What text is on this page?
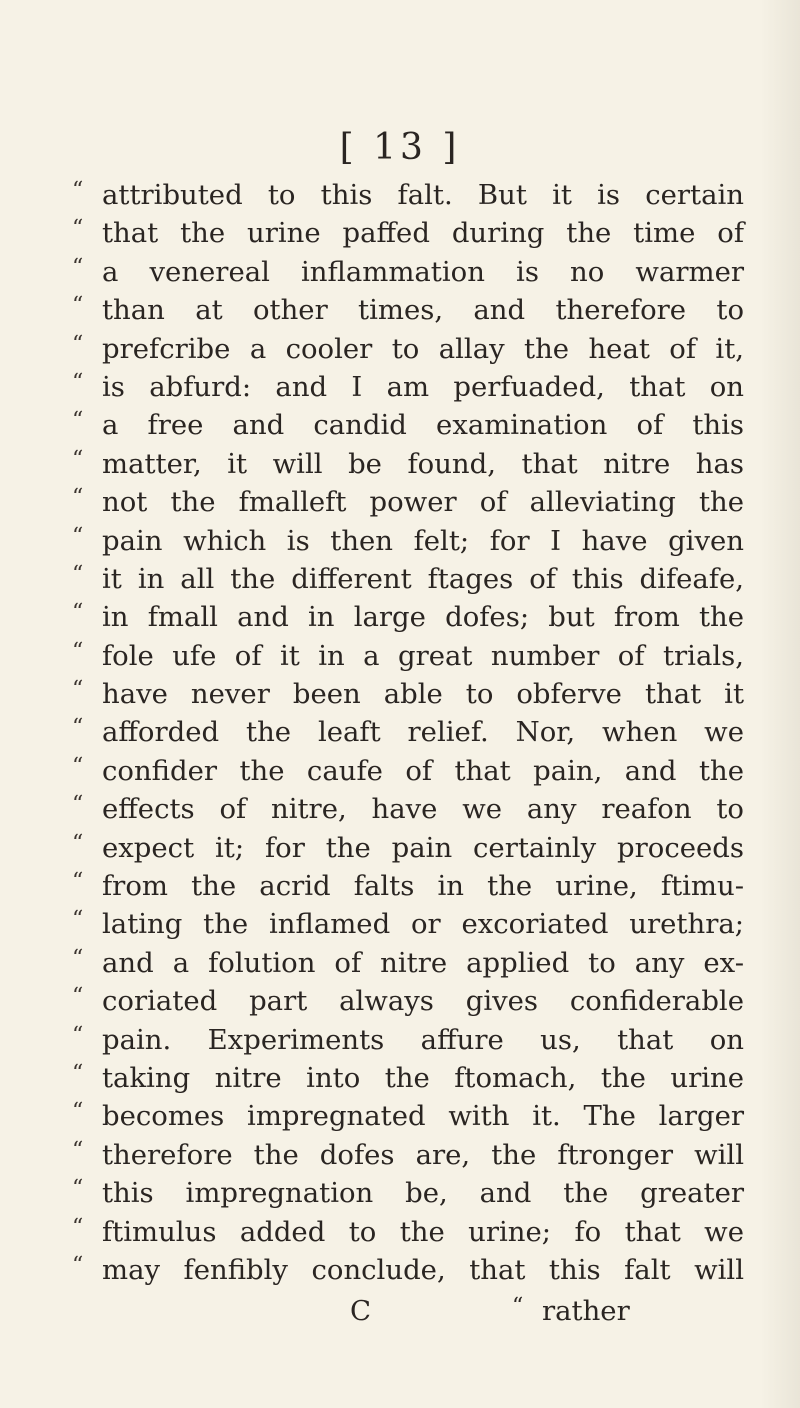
[ 13 ]
“ attributed to this falt. But it is certain
“ that the urine paffed during the time of
“ a venereal inflammation is no warmer
“ than at other times, and therefore to
“ prefcribe a cooler to allay the heat of it,
“ is abfurd: and I am perfuaded, that on
“ a free and candid examination of this
“ matter, it will be found, that nitre has
“ not the fmalleft power of alleviating the
“ pain which is then felt; for I have given
“ it in all the different ftages of this difeafe,
“ in fmall and in large dofes; but from the
“ fole ufe of it in a great number of trials,
“ have never been able to obferve that it
“ afforded the leaft relief. Nor, when we
“ confider the caufe of that pain, and the
“ effects of nitre, have we any reafon to
“ expect it; for the pain certainly proceeds
“ from the acrid falts in the urine, ftimu-
“ lating the inflamed or excoriated urethra;
“ and a folution of nitre applied to any ex-
“ coriated part always gives confiderable
“ pain. Experiments affure us, that on
“ taking nitre into the ftomach, the urine
“ becomes impregnated with it. The larger
“ therefore the dofes are, the ftronger will
“ this impregnation be, and the greater
“ ftimulus added to the urine; fo that we
“ may fenfibly conclude, that this falt will
C	“ rather
